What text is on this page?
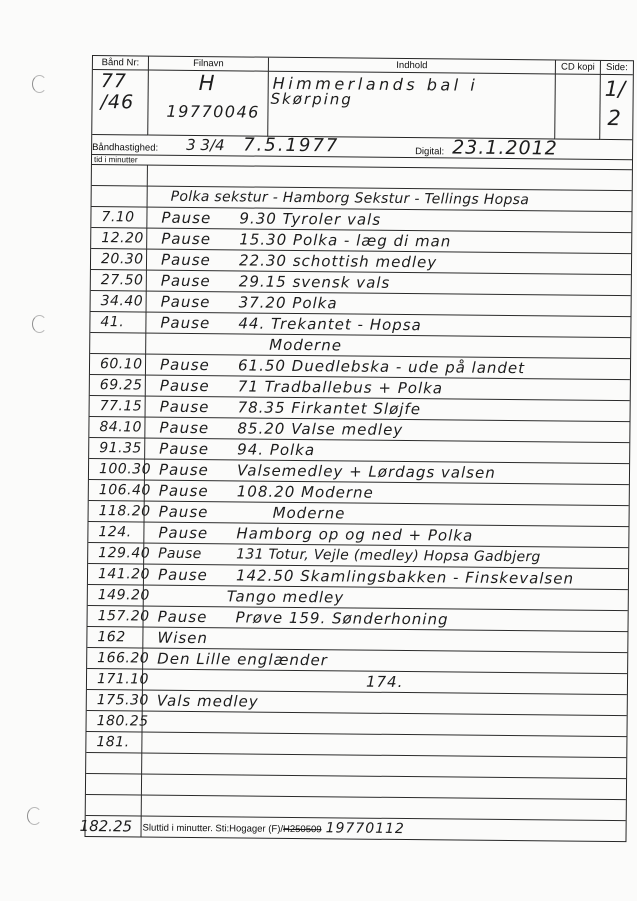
Bånd Nr:	Filnavn	Indhold	CD kopi	Side:
77
/46
H
19770046
Himmerlands bal i
Skørping	1/
2
Båndhastighed: 3 3/4 7.5.1977	Digital: 23.1.2012
tid i minutter
Polka sekstur - Hamborg Sekstur - Tellings Hopsa
7.10	Pause 9.30 Tyroler vals
12.20	Pause 15.30 Polka - læg di man
20.30	Pause 22.30 schottish medley
27.50	Pause 29.15 svensk vals
34.40	Pause 37.20 Polka
41.	Pause 44. Trekantet - Hopsa
Moderne
60.10	Pause 61.50 Duedlebska - ude på landet
69.25	Pause 71 Tradballebus + Polka
77.15	Pause 78.35 Firkantet Sløjfe
84.10	Pause 85.20 Valse medley
91.35	Pause 94. Polka
100.30 Pause Valsemedley + Lørdags valsen
106.40 Pause 108.20 Moderne
118.20 Pause	Moderne
124.	Pause Hamborg op og ned + Polka
129.40 Pause 131 Totur, Vejle (medley) Hopsa Gadbjerg
141.20 Pause 142.50 Skamlingsbakken - Finskevalsen
149.20	Tango medley
157.20 Pause Prøve 159. Sønderhoning
162	Wisen
166.20 Den Lille englænder
171.10	174.
175.30 Vals medley
180.25
181.
182.25	Sluttid i minutter. Sti:Hogager (F)/H250509 19770112
